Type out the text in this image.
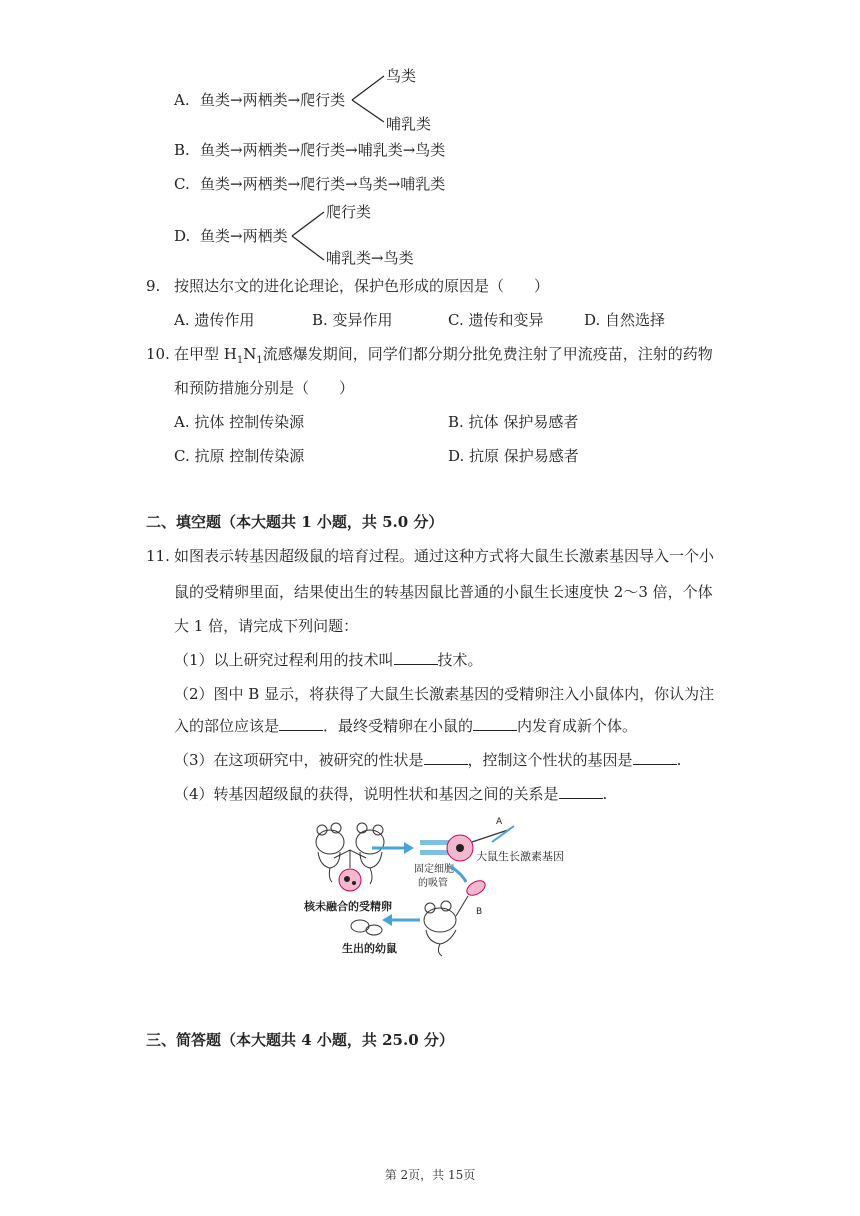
A. 鱼类→两栖类→爬行类
鸟类
哺乳类
B. 鱼类→两栖类→爬行类→哺乳类→鸟类
C. 鱼类→两栖类→爬行类→鸟类→哺乳类
D. 鱼类→两栖类
爬行类
哺乳类→鸟类
9. 按照达尔文的进化论理论，保护色形成的原因是（　　）
A. 遗传作用	B. 变异作用	C. 遗传和变异	D. 自然选择
10. 在甲型 $H_1N_1$流感爆发期间，同学们都分期分批免费注射了甲流疫苗，注射的药物
和预防措施分别是（　　）
A. 抗体 控制传染源	B. 抗体 保护易感者
C. 抗原 控制传染源	D. 抗原 保护易感者
二、填空题（本大题共 1 小题，共 5.0 分）
11. 如图表示转基因超级鼠的培育过程。通过这种方式将大鼠生长激素基因导入一个小
鼠的受精卵里面，结果使出生的转基因鼠比普通的小鼠生长速度快 2～3 倍，个体
大 1 倍，请完成下列问题：
（1）以上研究过程利用的技术叫	技术。
（2）图中 B 显示，将获得了大鼠生长激素基因的受精卵注入小鼠体内，你认为注
入的部位应该是	．最终受精卵在小鼠的	内发育成新个体。
（3）在这项研究中，被研究的性状是	，控制这个性状的基因是	.
（4）转基因超级鼠的获得，说明性状和基因之间的关系是	.
A
大鼠生长激素基因
固定细胞
的吸管
B
核未融合的受精卵
生出的幼鼠
三、简答题（本大题共 4 小题，共 25.0 分）
第 2页，共 15页
